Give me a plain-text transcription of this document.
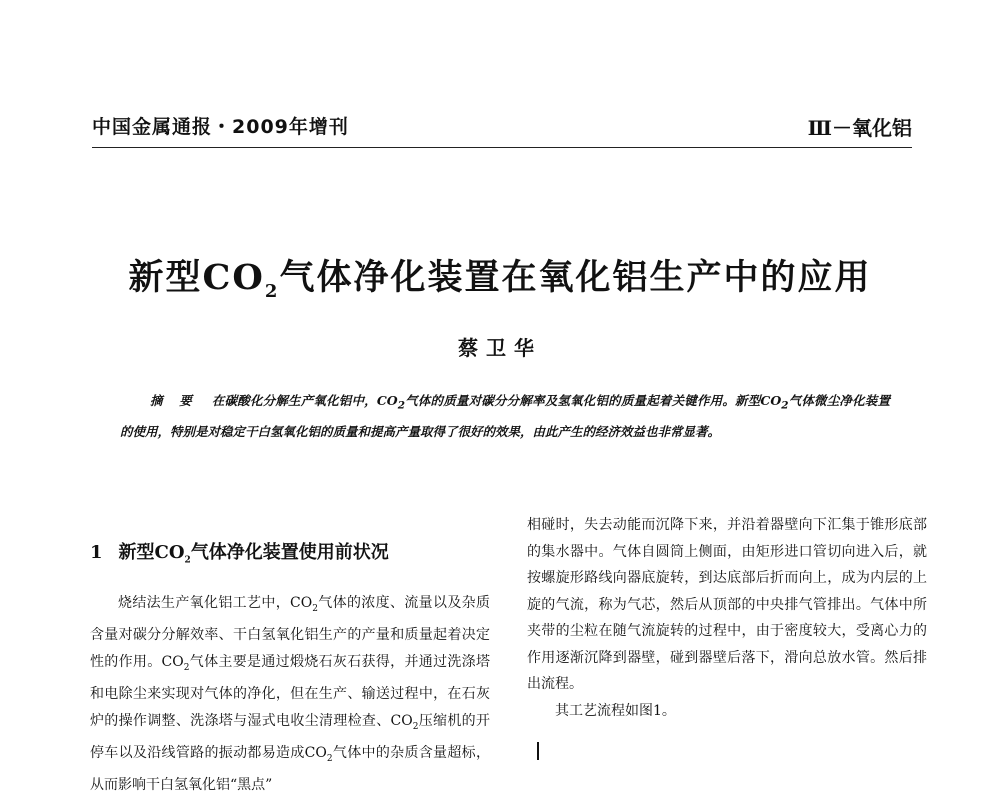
中国金属通报・2009年增刊	Ⅲ－氧化铝
新型$CO_2$气体净化装置在氧化铝生产中的应用
蔡卫华
摘 要 在碳酸化分解生产氧化铝中，$CO_2$气体的质量对碳分分解率及氢氧化铝的质量起着关键作用。新型$CO_2$气体微尘净化装置的使用，特别是对稳定干白氢氧化铝的质量和提高产量取得了很好的效果，由此产生的经济效益也非常显著。
1 新型$CO_2$气体净化装置使用前状况
烧结法生产氧化铝工艺中，$CO_2$气体的浓度、流量以及杂质含量对碳分分解效率、干白氢氧化铝生产的产量和质量起着决定性的作用。$CO_2$气体主要是通过煅烧石灰石获得，并通过洗涤塔和电除尘来实现对气体的净化，但在生产、输送过程中，在石灰炉的操作调整、洗涤塔与湿式电收尘清理检查、$CO_2$压缩机的开停车以及沿线管路的振动都易造成$CO_2$气体中的杂质含量超标，从而影响干白氢氧化铝“黑点”
相碰时，失去动能而沉降下来，并沿着器壁向下汇集于锥形底部的集水器中。气体自圆筒上侧面，由矩形进口管切向进入后，就按螺旋形路线向器底旋转，到达底部后折而向上，成为内层的上旋的气流，称为气芯，然后从顶部的中央排气管排出。气体中所夹带的尘粒在随气流旋转的过程中，由于密度较大，受离心力的作用逐渐沉降到器壁，碰到器壁后落下，滑向总放水管。然后排出流程。
其工艺流程如图1。
